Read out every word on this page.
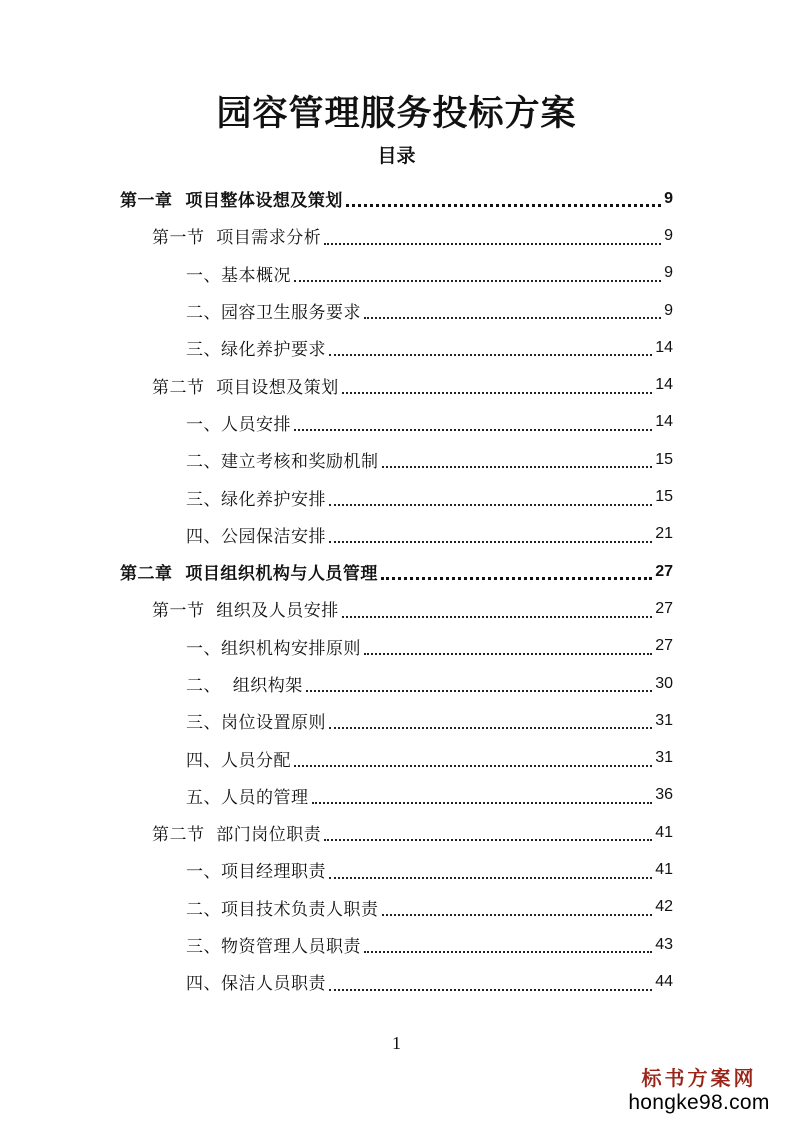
园容管理服务投标方案
目录
第一章  项目整体设想及策划	9
第一节  项目需求分析	9
一、基本概况	9
二、园容卫生服务要求	9
三、绿化养护要求	14
第二节  项目设想及策划	14
一、人员安排	14
二、建立考核和奖励机制	15
三、绿化养护安排	15
四、公园保洁安排	21
第二章  项目组织机构与人员管理	27
第一节  组织及人员安排	27
一、组织机构安排原则	27
二、  组织构架	30
三、岗位设置原则	31
四、人员分配	31
五、人员的管理	36
第二节  部门岗位职责	41
一、项目经理职责	41
二、项目技术负责人职责	42
三、物资管理人员职责	43
四、保洁人员职责	44
1
标书方案网
hongke98.com
